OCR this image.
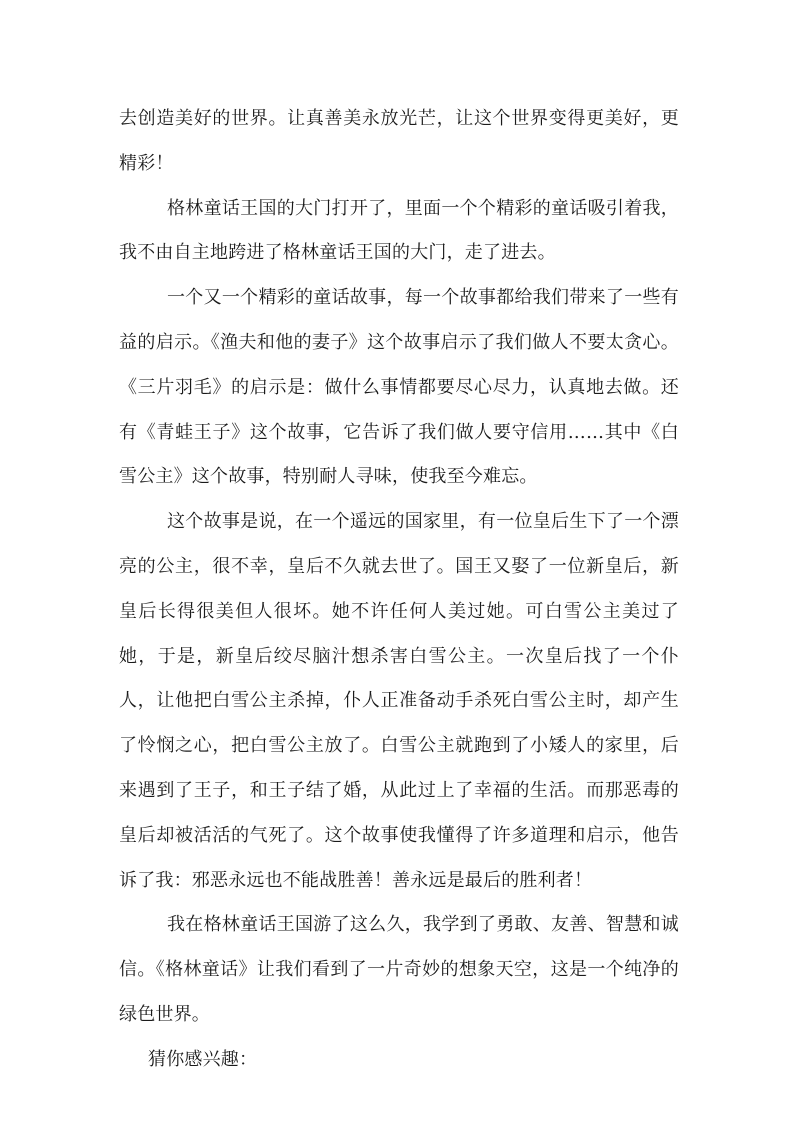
去创造美好的世界。让真善美永放光芒，让这个世界变得更美好，更精彩！

格林童话王国的大门打开了，里面一个个精彩的童话吸引着我，我不由自主地跨进了格林童话王国的大门，走了进去。

一个又一个精彩的童话故事，每一个故事都给我们带来了一些有益的启示。《渔夫和他的妻子》这个故事启示了我们做人不要太贪心。《三片羽毛》的启示是：做什么事情都要尽心尽力，认真地去做。还有《青蛙王子》这个故事，它告诉了我们做人要守信用……其中《白雪公主》这个故事，特别耐人寻味，使我至今难忘。

这个故事是说，在一个遥远的国家里，有一位皇后生下了一个漂亮的公主，很不幸，皇后不久就去世了。国王又娶了一位新皇后，新皇后长得很美但人很坏。她不许任何人美过她。可白雪公主美过了她，于是，新皇后绞尽脑汁想杀害白雪公主。一次皇后找了一个仆人，让他把白雪公主杀掉，仆人正准备动手杀死白雪公主时，却产生了怜悯之心，把白雪公主放了。白雪公主就跑到了小矮人的家里，后来遇到了王子，和王子结了婚，从此过上了幸福的生活。而那恶毒的皇后却被活活的气死了。这个故事使我懂得了许多道理和启示，他告诉了我：邪恶永远也不能战胜善！善永远是最后的胜利者！

我在格林童话王国游了这么久，我学到了勇敢、友善、智慧和诚信。《格林童话》让我们看到了一片奇妙的想象天空，这是一个纯净的绿色世界。

猜你感兴趣：
